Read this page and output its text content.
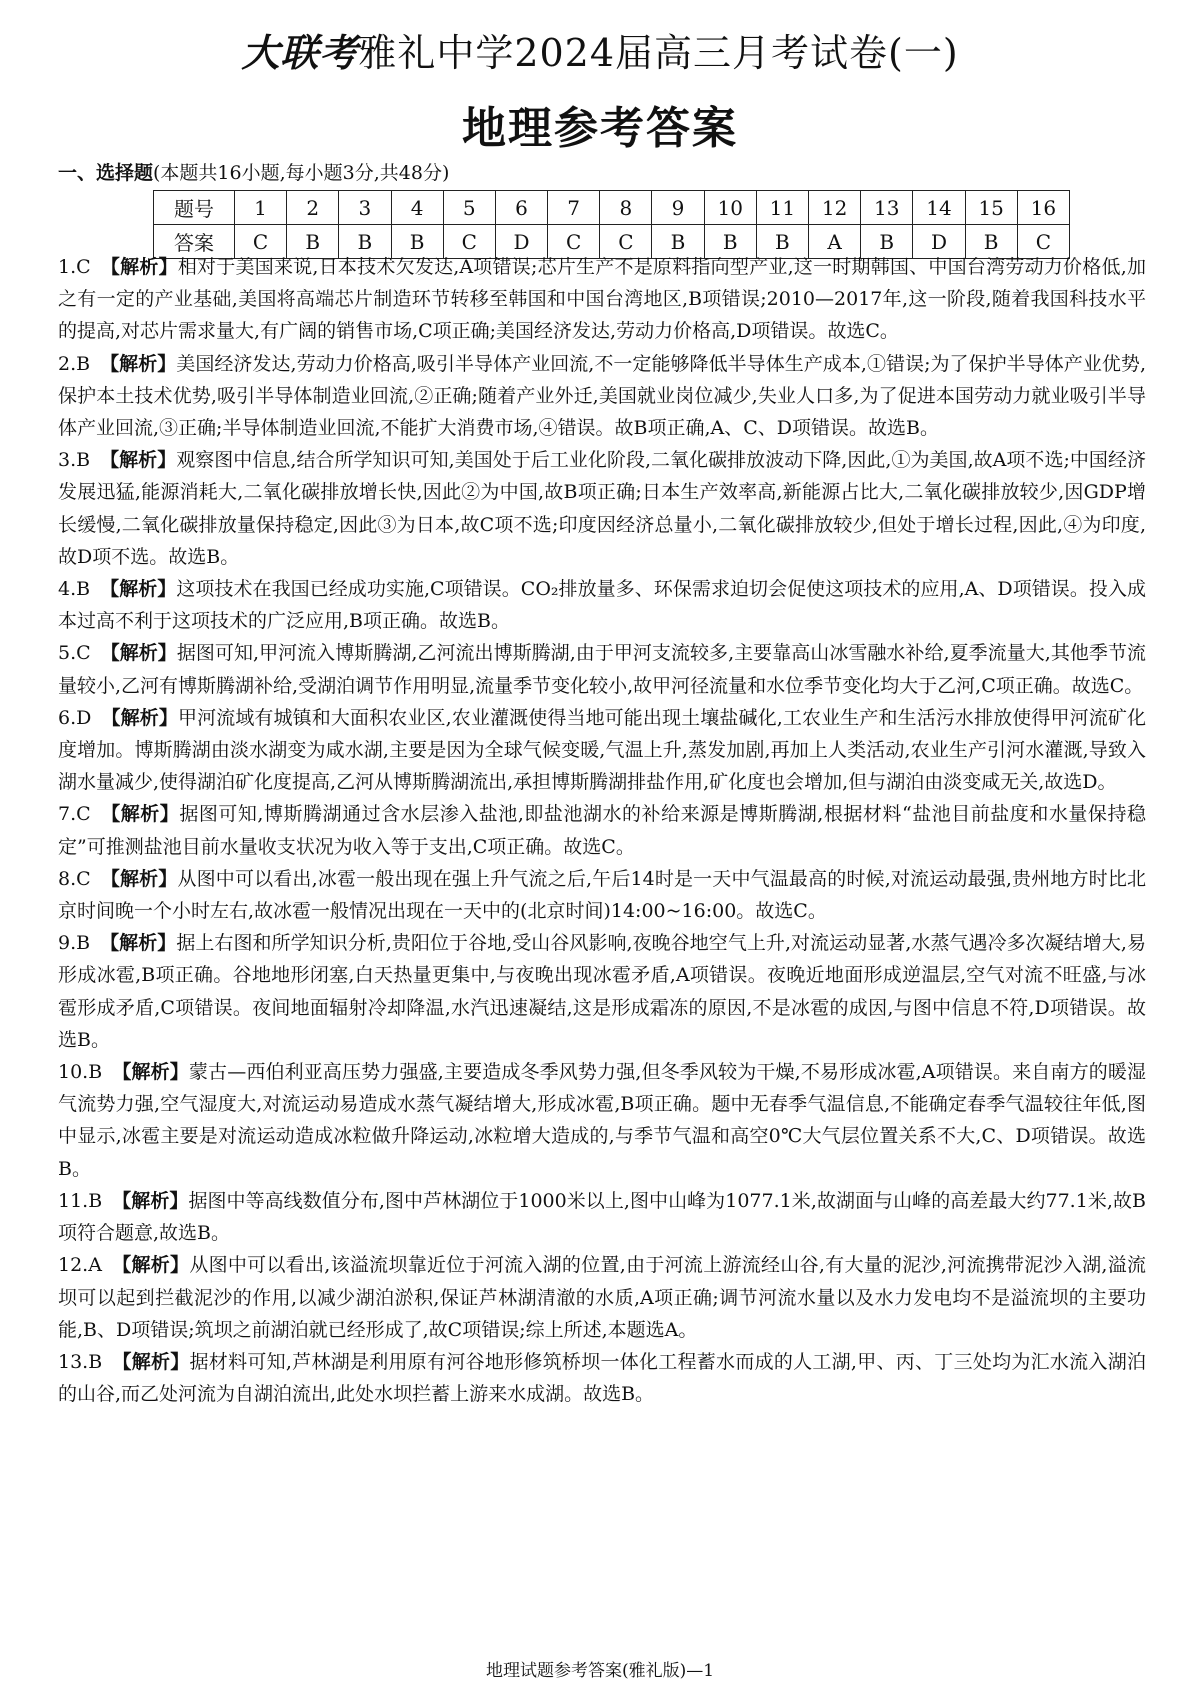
大联考雅礼中学2024届高三月考试卷(一)
地理参考答案
一、选择题(本题共16小题,每小题3分,共48分)
题号	1	2	3	4	5	6	7	8	9	10	11	12	13	14	15	16
答案	C	B	B	B	C	D	C	C	B	B	B	A	B	D	B	C

1.C 【解析】相对于美国来说,日本技术欠发达,A项错误;芯片生产不是原料指向型产业,这一时期韩国、中国台湾劳动力价格低,加之有一定的产业基础,美国将高端芯片制造环节转移至韩国和中国台湾地区,B项错误;2010—2017年,这一阶段,随着我国科技水平的提高,对芯片需求量大,有广阔的销售市场,C项正确;美国经济发达,劳动力价格高,D项错误。故选C。

2.B 【解析】美国经济发达,劳动力价格高,吸引半导体产业回流,不一定能够降低半导体生产成本,①错误;为了保护半导体产业优势,保护本土技术优势,吸引半导体制造业回流,②正确;随着产业外迁,美国就业岗位减少,失业人口多,为了促进本国劳动力就业吸引半导体产业回流,③正确;半导体制造业回流,不能扩大消费市场,④错误。故B项正确,A、C、D项错误。故选B。

3.B 【解析】观察图中信息,结合所学知识可知,美国处于后工业化阶段,二氧化碳排放波动下降,因此,①为美国,故A项不选;中国经济发展迅猛,能源消耗大,二氧化碳排放增长快,因此②为中国,故B项正确;日本生产效率高,新能源占比大,二氧化碳排放较少,因GDP增长缓慢,二氧化碳排放量保持稳定,因此③为日本,故C项不选;印度因经济总量小,二氧化碳排放较少,但处于增长过程,因此,④为印度,故D项不选。故选B。

4.B 【解析】这项技术在我国已经成功实施,C项错误。CO₂排放量多、环保需求迫切会促使这项技术的应用,A、D项错误。投入成本过高不利于这项技术的广泛应用,B项正确。故选B。

5.C 【解析】据图可知,甲河流入博斯腾湖,乙河流出博斯腾湖,由于甲河支流较多,主要靠高山冰雪融水补给,夏季流量大,其他季节流量较小,乙河有博斯腾湖补给,受湖泊调节作用明显,流量季节变化较小,故甲河径流量和水位季节变化均大于乙河,C项正确。故选C。

6.D 【解析】甲河流域有城镇和大面积农业区,农业灌溉使得当地可能出现土壤盐碱化,工农业生产和生活污水排放使得甲河流矿化度增加。博斯腾湖由淡水湖变为咸水湖,主要是因为全球气候变暖,气温上升,蒸发加剧,再加上人类活动,农业生产引河水灌溉,导致入湖水量减少,使得湖泊矿化度提高,乙河从博斯腾湖流出,承担博斯腾湖排盐作用,矿化度也会增加,但与湖泊由淡变咸无关,故选D。

7.C 【解析】据图可知,博斯腾湖通过含水层渗入盐池,即盐池湖水的补给来源是博斯腾湖,根据材料“盐池目前盐度和水量保持稳定”可推测盐池目前水量收支状况为收入等于支出,C项正确。故选C。

8.C 【解析】从图中可以看出,冰雹一般出现在强上升气流之后,午后14时是一天中气温最高的时候,对流运动最强,贵州地方时比北京时间晚一个小时左右,故冰雹一般情况出现在一天中的(北京时间)14:00~16:00。故选C。

9.B 【解析】据上右图和所学知识分析,贵阳位于谷地,受山谷风影响,夜晚谷地空气上升,对流运动显著,水蒸气遇冷多次凝结增大,易形成冰雹,B项正确。谷地地形闭塞,白天热量更集中,与夜晚出现冰雹矛盾,A项错误。夜晚近地面形成逆温层,空气对流不旺盛,与冰雹形成矛盾,C项错误。夜间地面辐射冷却降温,水汽迅速凝结,这是形成霜冻的原因,不是冰雹的成因,与图中信息不符,D项错误。故选B。

10.B 【解析】蒙古—西伯利亚高压势力强盛,主要造成冬季风势力强,但冬季风较为干燥,不易形成冰雹,A项错误。来自南方的暖湿气流势力强,空气湿度大,对流运动易造成水蒸气凝结增大,形成冰雹,B项正确。题中无春季气温信息,不能确定春季气温较往年低,图中显示,冰雹主要是对流运动造成冰粒做升降运动,冰粒增大造成的,与季节气温和高空0℃大气层位置关系不大,C、D项错误。故选B。

11.B 【解析】据图中等高线数值分布,图中芦林湖位于1000米以上,图中山峰为1077.1米,故湖面与山峰的高差最大约77.1米,故B项符合题意,故选B。

12.A 【解析】从图中可以看出,该溢流坝靠近位于河流入湖的位置,由于河流上游流经山谷,有大量的泥沙,河流携带泥沙入湖,溢流坝可以起到拦截泥沙的作用,以减少湖泊淤积,保证芦林湖清澈的水质,A项正确;调节河流水量以及水力发电均不是溢流坝的主要功能,B、D项错误;筑坝之前湖泊就已经形成了,故C项错误;综上所述,本题选A。

13.B 【解析】据材料可知,芦林湖是利用原有河谷地形修筑桥坝一体化工程蓄水而成的人工湖,甲、丙、丁三处均为汇水流入湖泊的山谷,而乙处河流为自湖泊流出,此处水坝拦蓄上游来水成湖。故选B。

地理试题参考答案(雅礼版)—1
